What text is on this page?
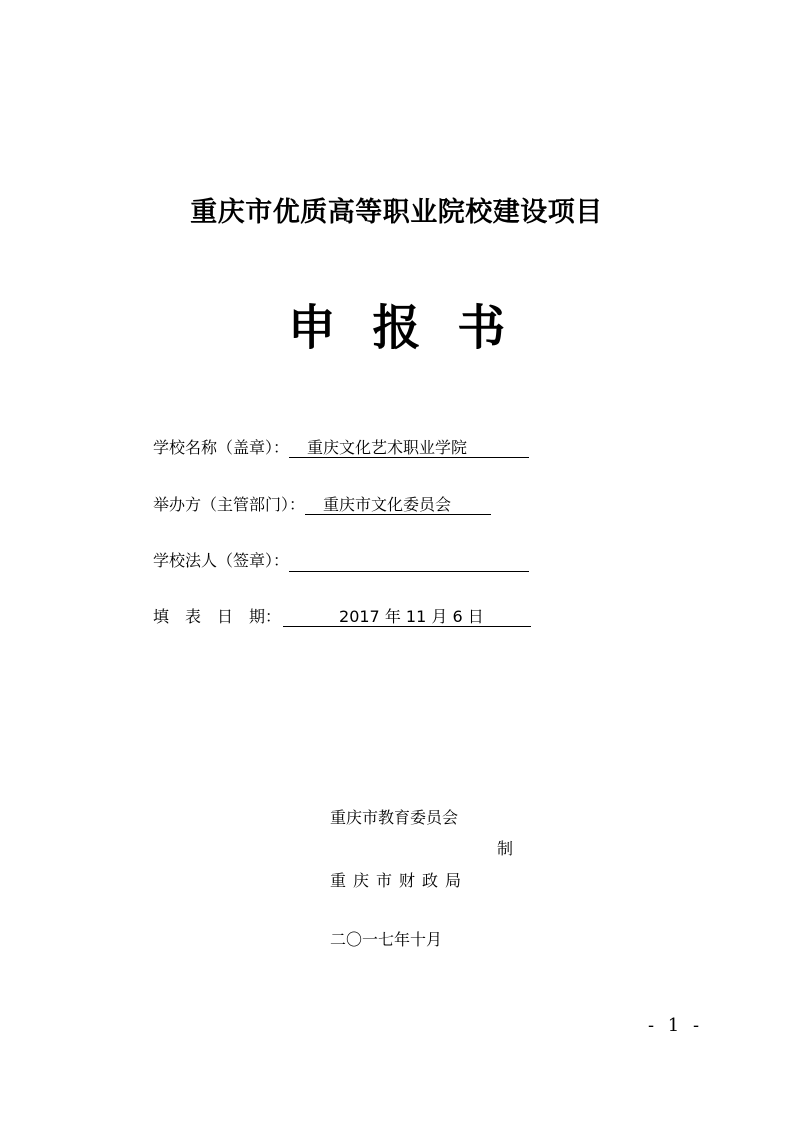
重庆市优质高等职业院校建设项目
申 报 书
学校名称（盖章）： 重庆文化艺术职业学院
举办方（主管部门）： 重庆市文化委员会
学校法人（签章）：
填　表　日　期：	2017 年 11 月 6 日
重庆市教育委员会
制
重庆市财政局
二〇一七年十月
- 1 -
